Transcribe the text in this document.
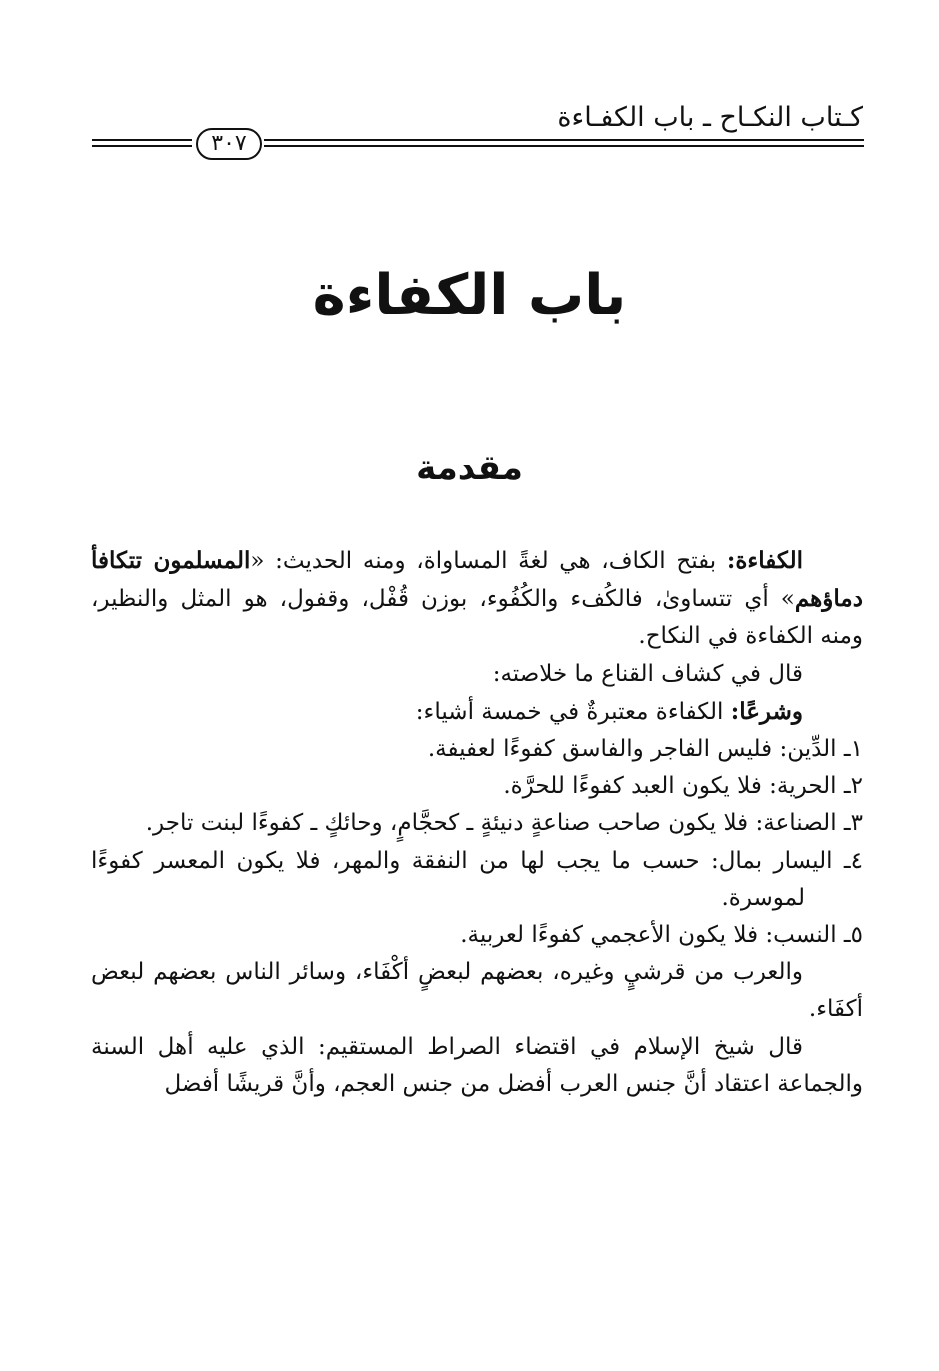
كـتاب النكـاح ـ باب الكفـاءة
٣٠٧
باب الكفاءة
مقدمة

الكفاءة: بفتح الكاف، هي لغةً المساواة، ومنه الحديث: «المسلمون تتكافأ دماؤهم» أي تتساوىٰ، فالكُفء والكُفُوء، بوزن قُفْل، وقفول، هو المثل والنظير، ومنه الكفاءة في النكاح.

قال في كشاف القناع ما خلاصته:

وشرعًا: الكفاءة معتبرةٌ في خمسة أشياء:

١ـ الدِّين: فليس الفاجر والفاسق كفوءًا لعفيفة.

٢ـ الحرية: فلا يكون العبد كفوءًا للحرَّة.

٣ـ الصناعة: فلا يكون صاحب صناعةٍ دنيئةٍ ـ كحجَّامٍ، وحائكٍ ـ كفوءًا لبنت تاجر.

٤ـ اليسار بمال: حسب ما يجب لها من النفقة والمهر، فلا يكون المعسر كفوءًا لموسرة.

٥ـ النسب: فلا يكون الأعجمي كفوءًا لعربية.

والعرب من قرشيٍ وغيره، بعضهم لبعضٍ أكْفَاء، وسائر الناس بعضهم لبعض أكفَاء.

قال شيخ الإسلام في اقتضاء الصراط المستقيم: الذي عليه أهل السنة والجماعة اعتقاد أنَّ جنس العرب أفضل من جنس العجم، وأنَّ قريشًا أفضل
